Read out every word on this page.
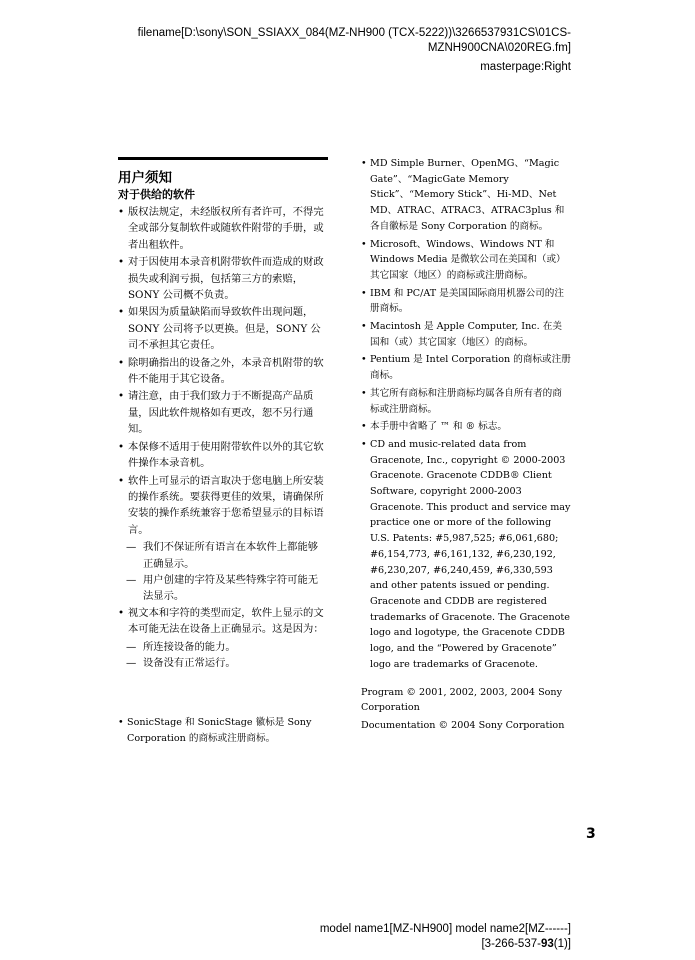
filename[D:\sony\SON_SSIAXX_084(MZ-NH900 (TCX-5222))\3266537931CS\01CS-
MZNH900CNA\020REG.fm]
masterpage:Right
用户须知
对于供给的软件
• 版权法规定，未经版权所有者许可，不得完全或部分复制软件或随软件附带的手册，或者出租软件。
• 对于因使用本录音机附带软件而造成的财政损失或利润亏损，包括第三方的索赔，SONY 公司概不负责。
• 如果因为质量缺陷而导致软件出现问题，SONY 公司将予以更换。但是，SONY 公司不承担其它责任。
• 除明确指出的设备之外，本录音机附带的软件不能用于其它设备。
• 请注意，由于我们致力于不断提高产品质量，因此软件规格如有更改，恕不另行通知。
• 本保修不适用于使用附带软件以外的其它软件操作本录音机。
• 软件上可显示的语言取决于您电脑上所安装的操作系统。要获得更佳的效果，请确保所安装的操作系统兼容于您希望显示的目标语言。
— 我们不保证所有语言在本软件上都能够正确显示。
— 用户创建的字符及某些特殊字符可能无法显示。
• 视文本和字符的类型而定，软件上显示的文本可能无法在设备上正确显示。这是因为：
— 所连接设备的能力。
— 设备没有正常运行。
• SonicStage 和 SonicStage 徽标是 Sony Corporation 的商标或注册商标。
• MD Simple Burner、OpenMG、“Magic Gate”、“MagicGate Memory Stick”、“Memory Stick”、Hi-MD、Net MD、ATRAC、ATRAC3、ATRAC3plus 和各自徽标是 Sony Corporation 的商标。
• Microsoft、Windows、Windows NT 和 Windows Media 是微软公司在美国和（或）其它国家（地区）的商标或注册商标。
• IBM 和 PC/AT 是美国国际商用机器公司的注册商标。
• Macintosh 是 Apple Computer, Inc. 在美国和（或）其它国家（地区）的商标。
• Pentium 是 Intel Corporation 的商标或注册商标。
• 其它所有商标和注册商标均属各自所有者的商标或注册商标。
• 本手册中省略了 ™ 和 ® 标志。
• CD and music-related data from Gracenote, Inc., copyright © 2000-2003 Gracenote. Gracenote CDDB® Client Software, copyright 2000-2003 Gracenote. This product and service may practice one or more of the following U.S. Patents: #5,987,525; #6,061,680; #6,154,773, #6,161,132, #6,230,192, #6,230,207, #6,240,459, #6,330,593 and other patents issued or pending. Gracenote and CDDB are registered trademarks of Gracenote. The Gracenote logo and logotype, the Gracenote CDDB logo, and the “Powered by Gracenote” logo are trademarks of Gracenote.
Program © 2001, 2002, 2003, 2004 Sony Corporation
Documentation © 2004 Sony Corporation
3
model name1[MZ-NH900] model name2[MZ------]
[3-266-537-93(1)]
